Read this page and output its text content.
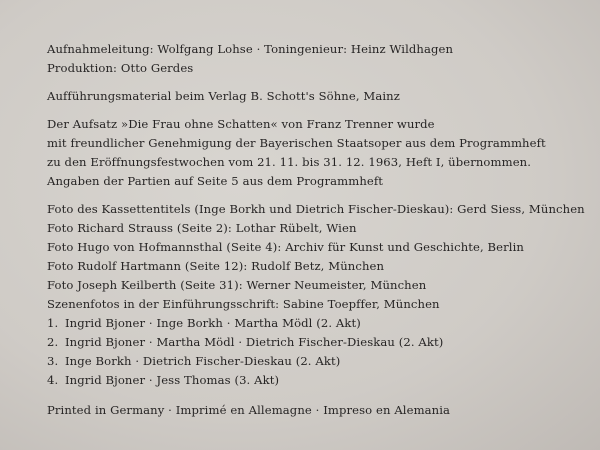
Aufnahmeleitung: Wolfgang Lohse · Toningenieur: Heinz Wildhagen
Produktion: Otto Gerdes
Aufführungsmaterial beim Verlag B. Schott's Söhne, Mainz
Der Aufsatz »Die Frau ohne Schatten« von Franz Trenner wurde
mit freundlicher Genehmigung der Bayerischen Staatsoper aus dem Programmheft
zu den Eröffnungsfestwochen vom 21. 11. bis 31. 12. 1963, Heft I, übernommen.
Angaben der Partien auf Seite 5 aus dem Programmheft
Foto des Kassettentitels (Inge Borkh und Dietrich Fischer-Dieskau): Gerd Siess, München
Foto Richard Strauss (Seite 2): Lothar Rübelt, Wien
Foto Hugo von Hofmannsthal (Seite 4): Archiv für Kunst und Geschichte, Berlin
Foto Rudolf Hartmann (Seite 12): Rudolf Betz, München
Foto Joseph Keilberth (Seite 31): Werner Neumeister, München
Szenenfotos in der Einführungsschrift: Sabine Toepffer, München
1. Ingrid Bjoner · Inge Borkh · Martha Mödl (2. Akt)
2. Ingrid Bjoner · Martha Mödl · Dietrich Fischer-Dieskau (2. Akt)
3. Inge Borkh · Dietrich Fischer-Dieskau (2. Akt)
4. Ingrid Bjoner · Jess Thomas (3. Akt)
Printed in Germany · Imprimé en Allemagne · Impreso en Alemania
